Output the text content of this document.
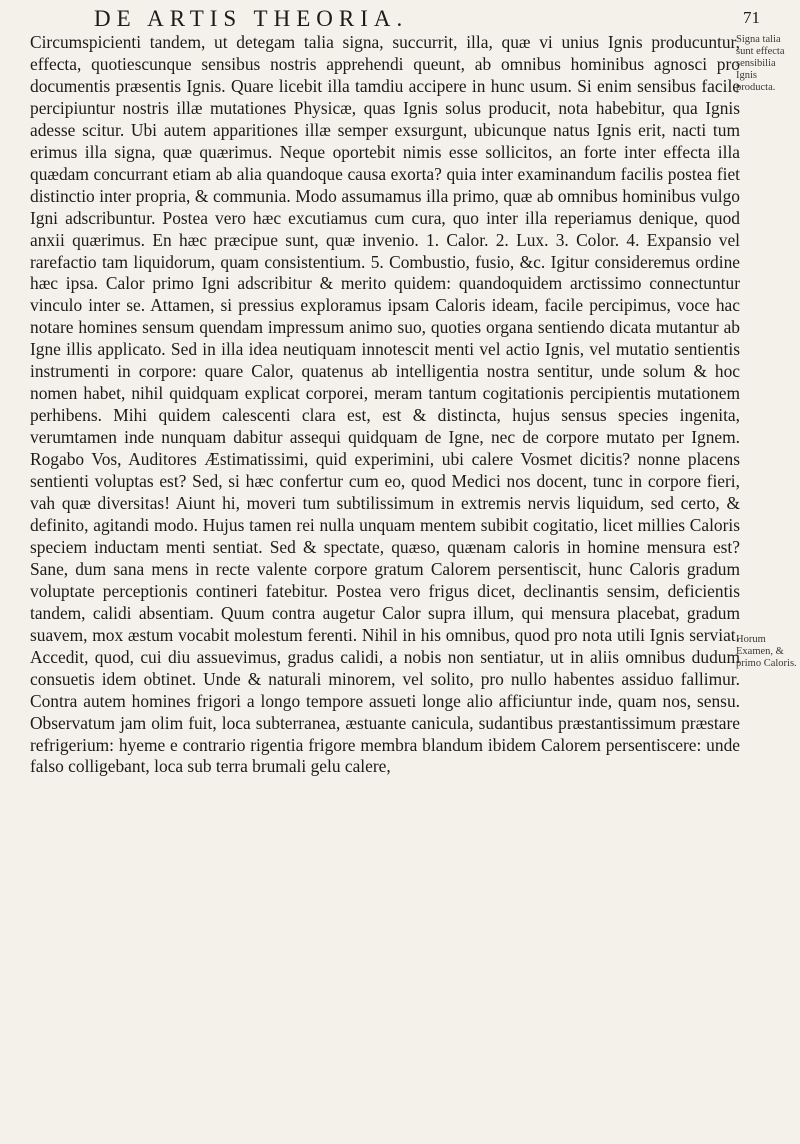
DE ARTIS THEORIA.	71

Circumspicienti tandem, ut detegam talia signa, succurrit, illa, quæ vi unius Ignis producuntur, effecta, quotiescunque sensibus nostris apprehendi queunt, ab omnibus hominibus agnosci pro documentis præsentis Ignis. Quare licebit illa tamdiu accipere in hunc usum. Si enim sensibus facile percipiuntur nostris illæ mutationes Physicæ, quas Ignis solus producit, nota habebitur, qua Ignis adesse scitur. Ubi autem apparitiones illæ semper exsurgunt, ubicunque natus Ignis erit, nacti tum erimus illa signa, quæ quærimus. Neque oportebit nimis esse sollicitos, an forte inter effecta illa quædam concurrant etiam ab alia quandoque causa exorta? quia inter examinandum facilis postea fiet distinctio inter propria, & communia. Modo assumamus illa primo, quæ ab omnibus hominibus vulgo Igni adscribuntur. Postea vero hæc excutiamus cum cura, quo inter illa reperiamus denique, quod anxii quærimus. En hæc præcipue sunt, quæ invenio. 1. Calor. 2. Lux. 3. Color. 4. Expansio vel rarefactio tam liquidorum, quam consistentium. 5. Combustio, fusio, &c. Igitur consideremus ordine hæc ipsa. Calor primo Igni adscribitur & merito quidem: quandoquidem arctissimo connectuntur vinculo inter se. Attamen, si pressius exploramus ipsam Caloris ideam, facile percipimus, voce hac notare homines sensum quendam impressum animo suo, quoties organa sentiendo dicata mutantur ab Igne illis applicato. Sed in illa idea neutiquam innotescit menti vel actio Ignis, vel mutatio sentientis instrumenti in corpore: quare Calor, quatenus ab intelligentia nostra sentitur, unde solum & hoc nomen habet, nihil quidquam explicat corporei, meram tantum cogitationis percipientis mutationem perhibens. Mihi quidem calescenti clara est, est & distincta, hujus sensus species ingenita, verumtamen inde nunquam dabitur assequi quidquam de Igne, nec de corpore mutato per Ignem. Rogabo Vos, Auditores Æstimatissimi, quid experimini, ubi calere Vosmet dicitis? nonne placens sentienti voluptas est? Sed, si hæc confertur cum eo, quod Medici nos docent, tunc in corpore fieri, vah quæ diversitas! Aiunt hi, moveri tum subtilissimum in extremis nervis liquidum, sed certo, & definito, agitandi modo. Hujus tamen rei nulla unquam mentem subibit cogitatio, licet millies Caloris speciem inductam menti sentiat. Sed & spectate, quæso, quænam caloris in homine mensura est? Sane, dum sana mens in recte valente corpore gratum Calorem persentiscit, hunc Caloris gradum voluptate perceptionis contineri fatebitur. Postea vero frigus dicet, declinantis sensim, deficientis tandem, calidi absentiam. Quum contra augetur Calor supra illum, qui mensura placebat, gradum suavem, mox æstum vocabit molestum ferenti. Nihil in his omnibus, quod pro nota utili Ignis serviat. Accedit, quod, cui diu assuevimus, gradus calidi, a nobis non sentiatur, ut in aliis omnibus dudum consuetis idem obtinet. Unde & naturali minorem, vel solito, pro nullo habentes assiduo fallimur. Contra autem homines frigori a longo tempore assueti longe alio afficiuntur inde, quam nos, sensu. Observatum jam olim fuit, loca subterranea, æstuante canicula, sudantibus præstantissimum præstare refrigerium: hyeme e contrario rigentia frigore membra blandum ibidem Calorem persentiscere: unde falso colligebant, loca sub terra brumali gelu calere,

Signa talia sunt effecta sensibilia Ignis producta.
Horum Examen, & primo Caloris.
